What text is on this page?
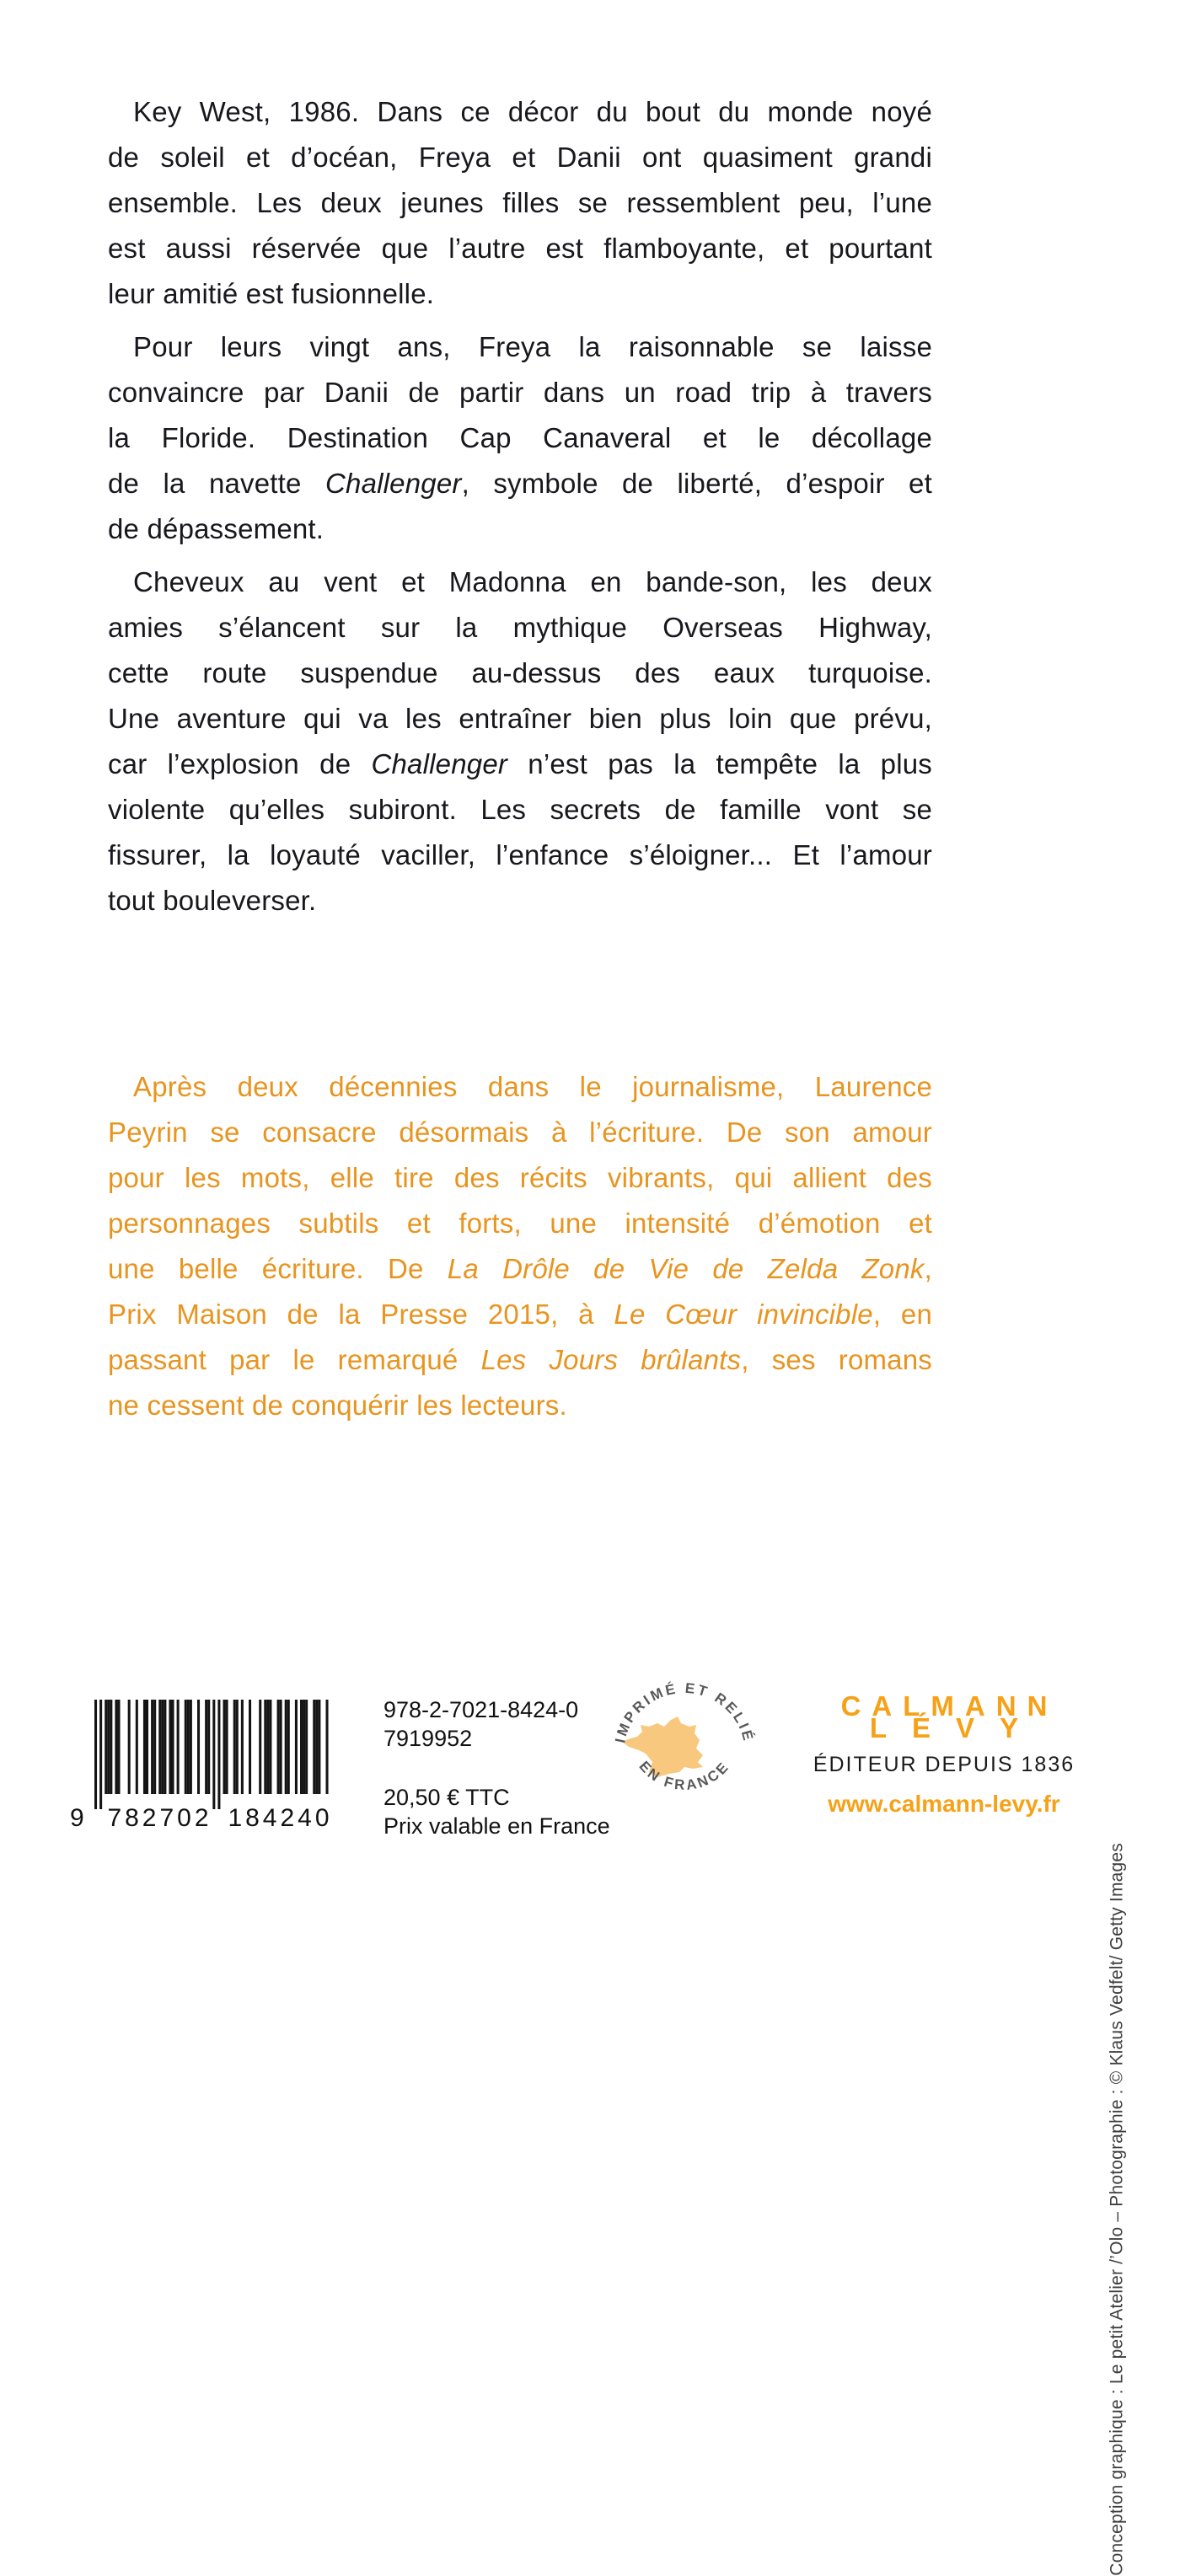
Key West, 1986. Dans ce décor du bout du monde noyé
de soleil et d’océan, Freya et Danii ont quasiment grandi
ensemble. Les deux jeunes filles se ressemblent peu, l’une
est aussi réservée que l’autre est flamboyante, et pourtant
leur amitié est fusionnelle.
Pour leurs vingt ans, Freya la raisonnable se laisse
convaincre par Danii de partir dans un road trip à travers
la Floride. Destination Cap Canaveral et le décollage
de la navette Challenger, symbole de liberté, d’espoir et
de dépassement.
Cheveux au vent et Madonna en bande-son, les deux
amies s’élancent sur la mythique Overseas Highway,
cette route suspendue au-dessus des eaux turquoise.
Une aventure qui va les entraîner bien plus loin que prévu,
car l’explosion de Challenger n’est pas la tempête la plus
violente qu’elles subiront. Les secrets de famille vont se
fissurer, la loyauté vaciller, l’enfance s’éloigner... Et l’amour
tout bouleverser.
Après deux décennies dans le journalisme, Laurence
Peyrin se consacre désormais à l’écriture. De son amour
pour les mots, elle tire des récits vibrants, qui allient des
personnages subtils et forts, une intensité d’émotion et
une belle écriture. De La Drôle de Vie de Zelda Zonk,
Prix Maison de la Presse 2015, à Le Cœur invincible, en
passant par le remarqué Les Jours brûlants, ses romans
ne cessent de conquérir les lecteurs.
Conception graphique : Le petit Atelier /’Olo – Photographie : © Klaus Vedfelt/ Getty Images
9 782702 184240
978-2-7021-8424-0
7919952
20,50 € TTC
Prix valable en France
IMPRIMÉ ET RELIÉ
EN FRANCE
CALMANN
LÉVY
ÉDITEUR DEPUIS 1836
www.calmann-levy.fr
